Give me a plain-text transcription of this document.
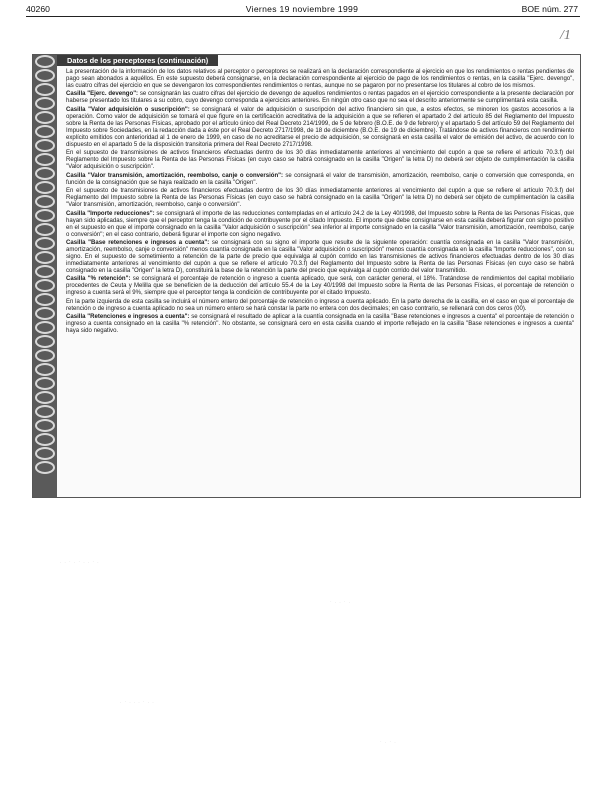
40260	Viernes 19 noviembre 1999	BOE núm. 277
/1
Datos de los perceptores (continuación)

La presentación de la información de los datos relativos al perceptor o perceptores se realizará en la declaración correspondiente al ejercicio en que los rendimientos o rentas pendientes de pago sean abonados a aquéllos. En este supuesto deberá consignarse, en la declaración correspondiente al ejercicio de pago de los rendimientos o rentas, en la casilla "Ejerc. devengo", las cuatro cifras del ejercicio en que se devengaron los correspondientes rendimientos o rentas, aunque no se pagaron por no presentarse los titulares al cobro de los mismos.

Casilla "Ejerc. devengo": se consignarán las cuatro cifras del ejercicio de devengo de aquellos rendimientos o rentas pagados en el ejercicio correspondiente a la presente declaración por haberse presentado los titulares a su cobro, cuyo devengo corresponda a ejercicios anteriores. En ningún otro caso que no sea el descrito anteriormente se cumplimentará esta casilla.

Casilla "Valor adquisición o suscripción": se consignará el valor de adquisición o suscripción del activo financiero sin que, a estos efectos, se minoren los gastos accesorios a la operación. Como valor de adquisición se tomará el que figure en la certificación acreditativa de la adquisición a que se refieren el apartado 2 del artículo 85 del Reglamento del Impuesto sobre la Renta de las Personas Físicas, aprobado por el artículo único del Real Decreto 214/1999, de 5 de febrero (B.O.E. de 9 de febrero) y el apartado 5 del artículo 59 del Reglamento del Impuesto sobre Sociedades, en la redacción dada a éste por el Real Decreto 2717/1998, de 18 de diciembre (B.O.E. de 19 de diciembre). Tratándose de activos financieros con rendimiento explícito emitidos con anterioridad al 1 de enero de 1999, en caso de no acreditarse el precio de adquisición, se consignará en esta casilla el valor de emisión del activo, de acuerdo con lo dispuesto en el apartado 5 de la disposición transitoria primera del Real Decreto 2717/1998.

En el supuesto de transmisiones de activos financieros efectuadas dentro de los 30 días inmediatamente anteriores al vencimiento del cupón a que se refiere el artículo 70.3.f) del Reglamento del Impuesto sobre la Renta de las Personas Físicas (en cuyo caso se habrá consignado en la casilla "Origen" la letra D) no deberá ser objeto de cumplimentación la casilla "Valor adquisición o suscripción".

Casilla "Valor transmisión, amortización, reembolso, canje o conversión": se consignará el valor de transmisión, amortización, reembolso, canje o conversión que corresponda, en función de la consignación que se haya realizado en la casilla "Origen".

En el supuesto de transmisiones de activos financieros efectuadas dentro de los 30 días inmediatamente anteriores al vencimiento del cupón a que se refiere el artículo 70.3.f) del Reglamento del Impuesto sobre la Renta de las Personas Físicas (en cuyo caso se habrá consignado en la casilla "Origen" la letra D) no deberá ser objeto de cumplimentación la casilla "Valor transmisión, amortización, reembolso, canje o conversión".

Casilla "Importe reducciones": se consignará el importe de las reducciones contempladas en el artículo 24.2 de la Ley 40/1998, del Impuesto sobre la Renta de las Personas Físicas, que hayan sido aplicadas, siempre que el perceptor tenga la condición de contribuyente por el citado Impuesto. El importe que debe consignarse en esta casilla deberá figurar con signo positivo en el supuesto en que el importe consignado en la casilla "Valor adquisición o suscripción" sea inferior al importe consignado en la casilla "Valor transmisión, amortización, reembolso, canje o conversión"; en el caso contrario, deberá figurar el importe con signo negativo.

Casilla "Base retenciones e ingresos a cuenta": se consignará con su signo el importe que resulte de la siguiente operación: cuantía consignada en la casilla "Valor transmisión, amortización, reembolso, canje o conversión" menos cuantía consignada en la casilla "Valor adquisición o suscripción" menos cuantía consignada en la casilla "Importe reducciones", con su signo. En el supuesto de sometimiento a retención de la parte de precio que equivalga al cupón corrido en las transmisiones de activos financieros efectuadas dentro de los 30 días inmediatamente anteriores al vencimiento del cupón a que se refiere el artículo 70.3.f) del Reglamento del Impuesto sobre la Renta de las Personas Físicas (en cuyo caso se habrá consignado en la casilla "Origen" la letra D), constituirá la base de la retención la parte del precio que equivalga al cupón corrido del valor transmitido.

Casilla "% retención": se consignará el porcentaje de retención o ingreso a cuenta aplicado, que será, con carácter general, el 18%. Tratándose de rendimientos del capital mobiliario procedentes de Ceuta y Melilla que se beneficien de la deducción del artículo 55.4 de la Ley 40/1998 del Impuesto sobre la Renta de las Personas Físicas, el porcentaje de retención o ingreso a cuenta será el 9%, siempre que el perceptor tenga la condición de contribuyente por el citado Impuesto.

En la parte izquierda de esta casilla se incluirá el número entero del porcentaje de retención o ingreso a cuenta aplicado. En la parte derecha de la casilla, en el caso en que el porcentaje de retención o de ingreso a cuenta aplicado no sea un número entero se hará constar la parte no entera con dos decimales; en caso contrario, se rellenará con dos ceros (00).

Casilla "Retenciones e ingresos a cuenta": se consignará el resultado de aplicar a la cuantía consignada en la casilla "Base retenciones e ingresos a cuenta" el porcentaje de retención o ingreso a cuenta consignado en la casilla "% retención". No obstante, se consignará cero en esta casilla cuando el importe reflejado en la casilla "Base retenciones e ingresos a cuenta" haya sido negativo.

. . · . · . . · .
· . . · .
. · . . . · . .
· . · .
